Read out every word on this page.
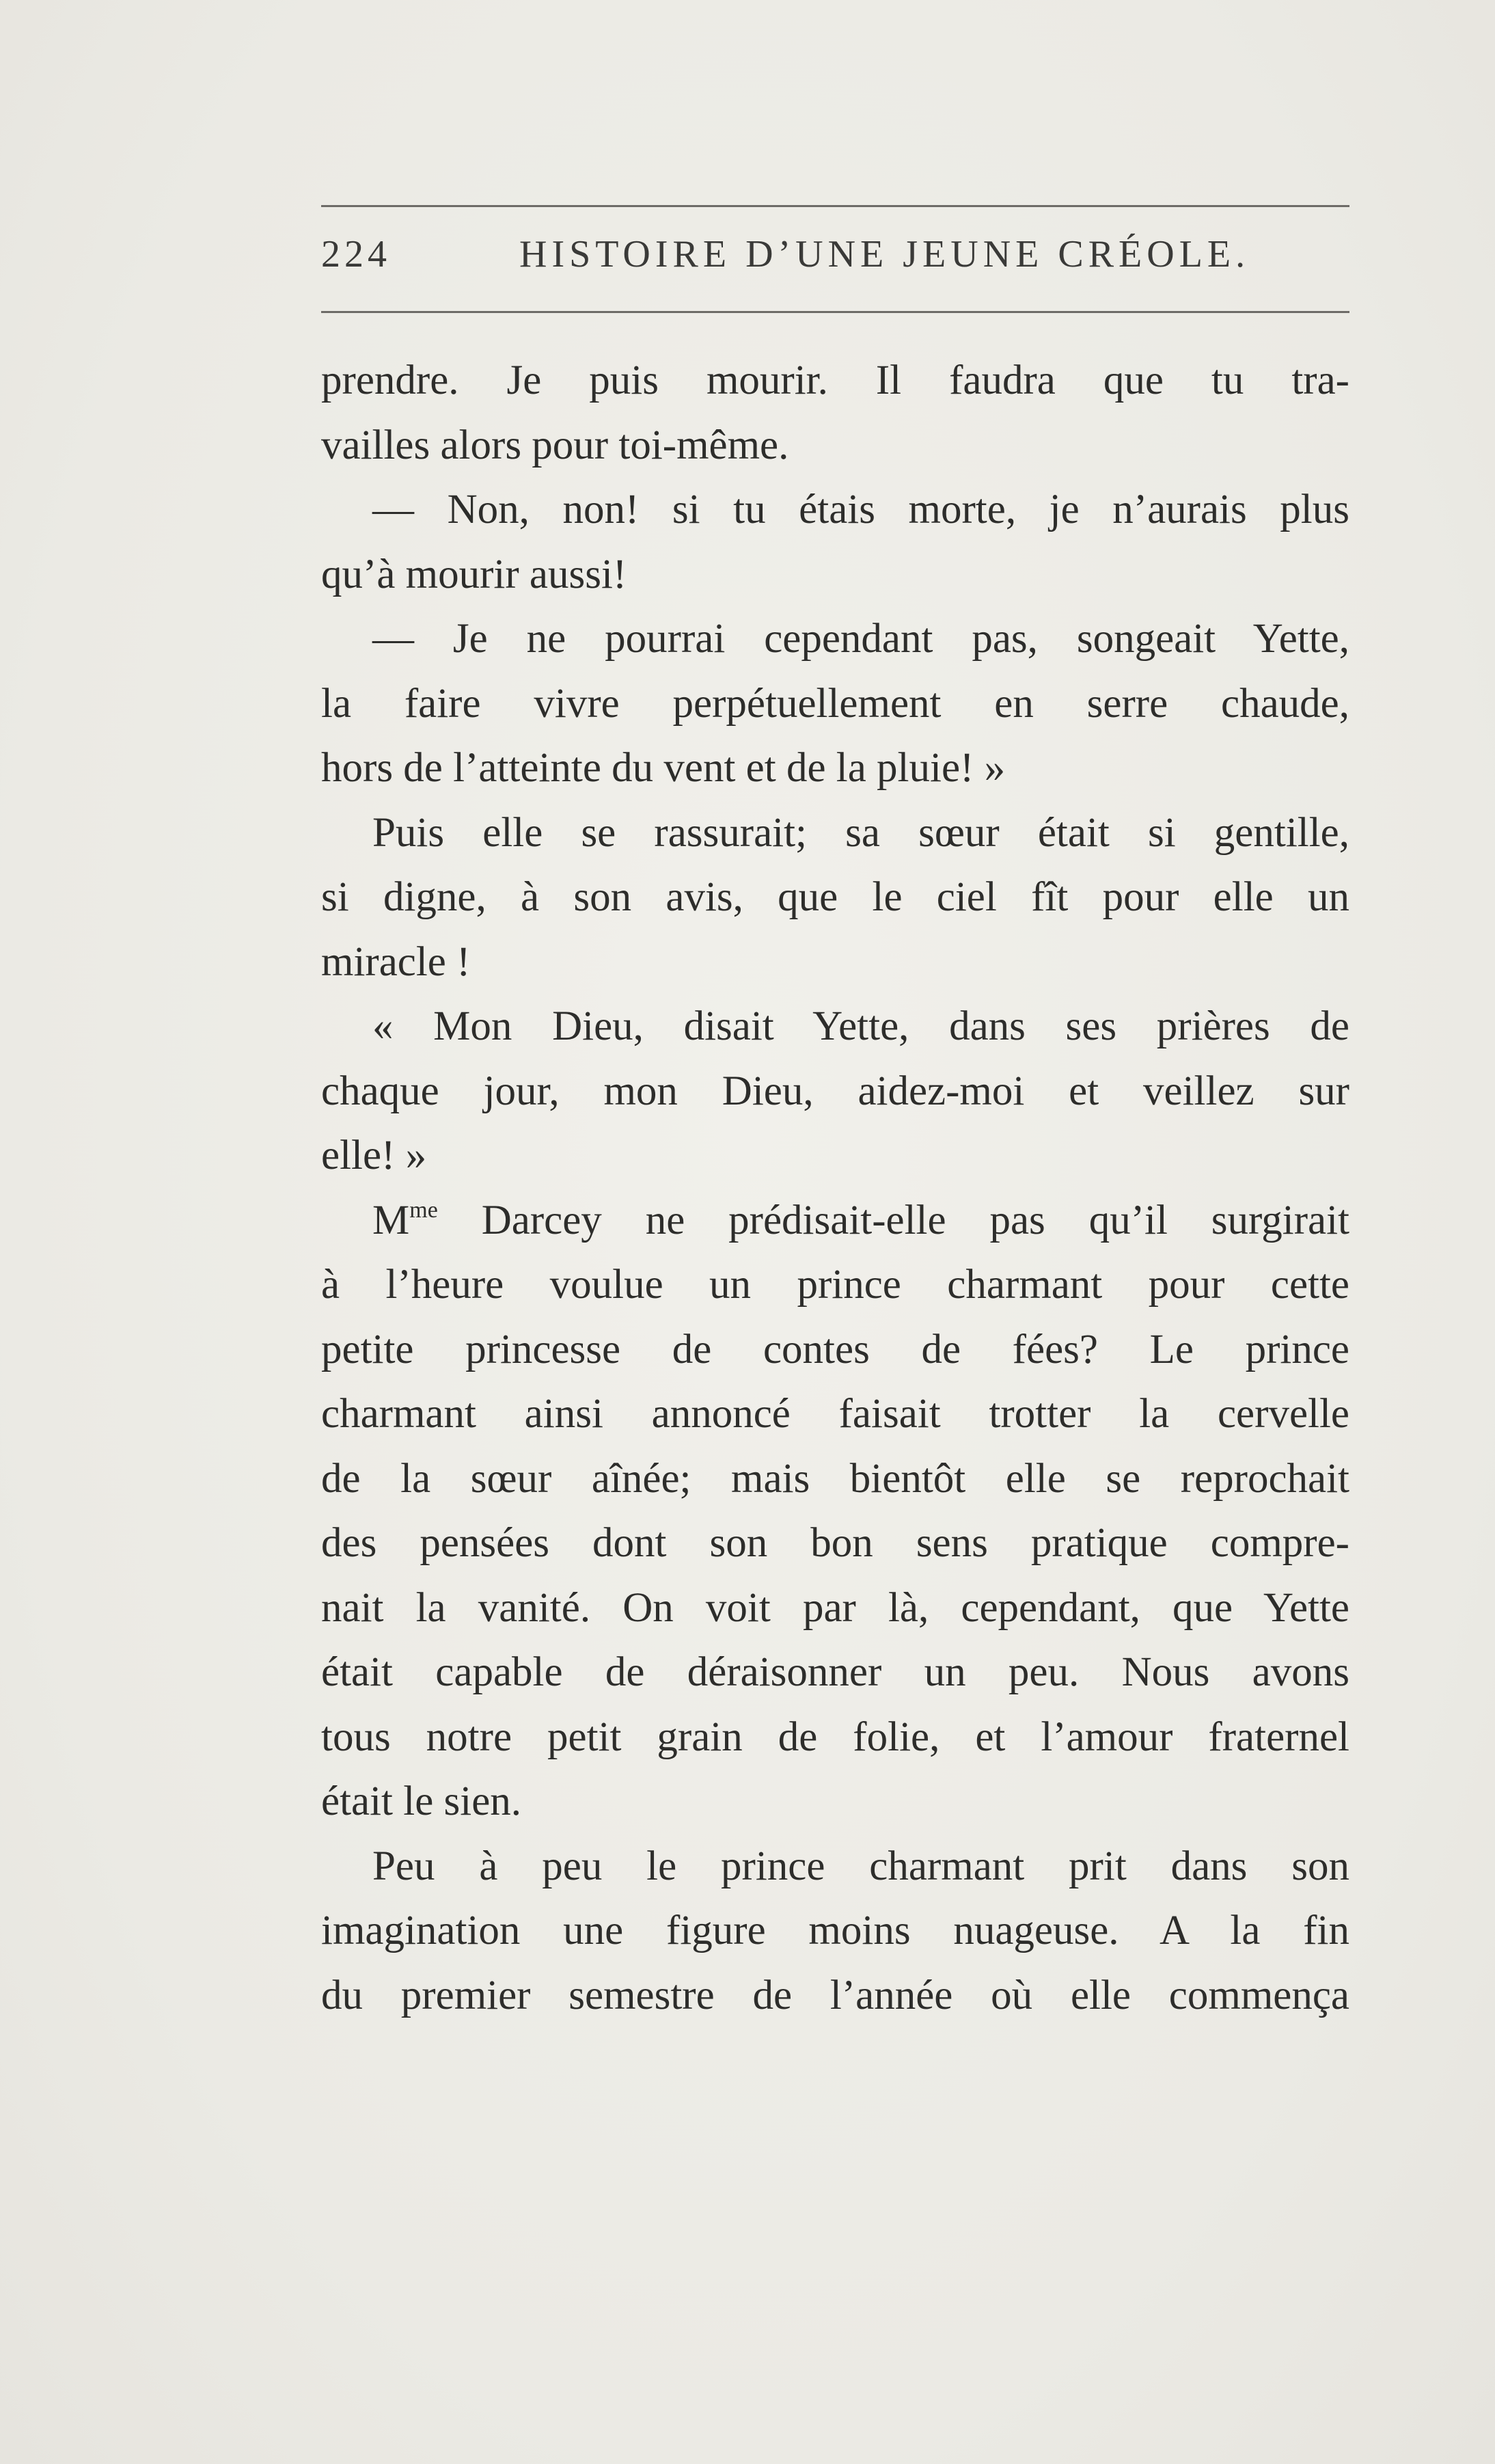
224	HISTOIRE D’UNE JEUNE CRÉOLE.
prendre. Je puis mourir. Il faudra que tu tra-
vailles alors pour toi-même.
— Non, non! si tu étais morte, je n’aurais plus
qu’à mourir aussi!
— Je ne pourrai cependant pas, songeait Yette,
la faire vivre perpétuellement en serre chaude,
hors de l’atteinte du vent et de la pluie! »
Puis elle se rassurait; sa sœur était si gentille,
si digne, à son avis, que le ciel fît pour elle un
miracle !
« Mon Dieu, disait Yette, dans ses prières de
chaque jour, mon Dieu, aidez-moi et veillez sur
elle! »
$M^{me}$ Darcey ne prédisait-elle pas qu’il surgirait
à l’heure voulue un prince charmant pour cette
petite princesse de contes de fées? Le prince
charmant ainsi annoncé faisait trotter la cervelle
de la sœur aînée; mais bientôt elle se reprochait
des pensées dont son bon sens pratique compre-
nait la vanité. On voit par là, cependant, que Yette
était capable de déraisonner un peu. Nous avons
tous notre petit grain de folie, et l’amour fraternel
était le sien.
Peu à peu le prince charmant prit dans son
imagination une figure moins nuageuse. A la fin
du premier semestre de l’année où elle commença
